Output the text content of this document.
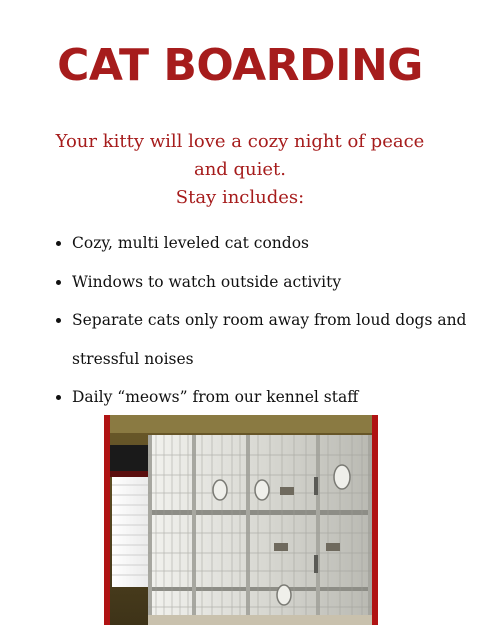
CAT BOARDING

Your kitty will love a cozy night of peace
and quiet.
Stay includes:

• Cozy, multi leveled cat condos
• Windows to watch outside activity
• Separate cats only room away from loud dogs and stressful noises
• Daily “meows” from our kennel staff
